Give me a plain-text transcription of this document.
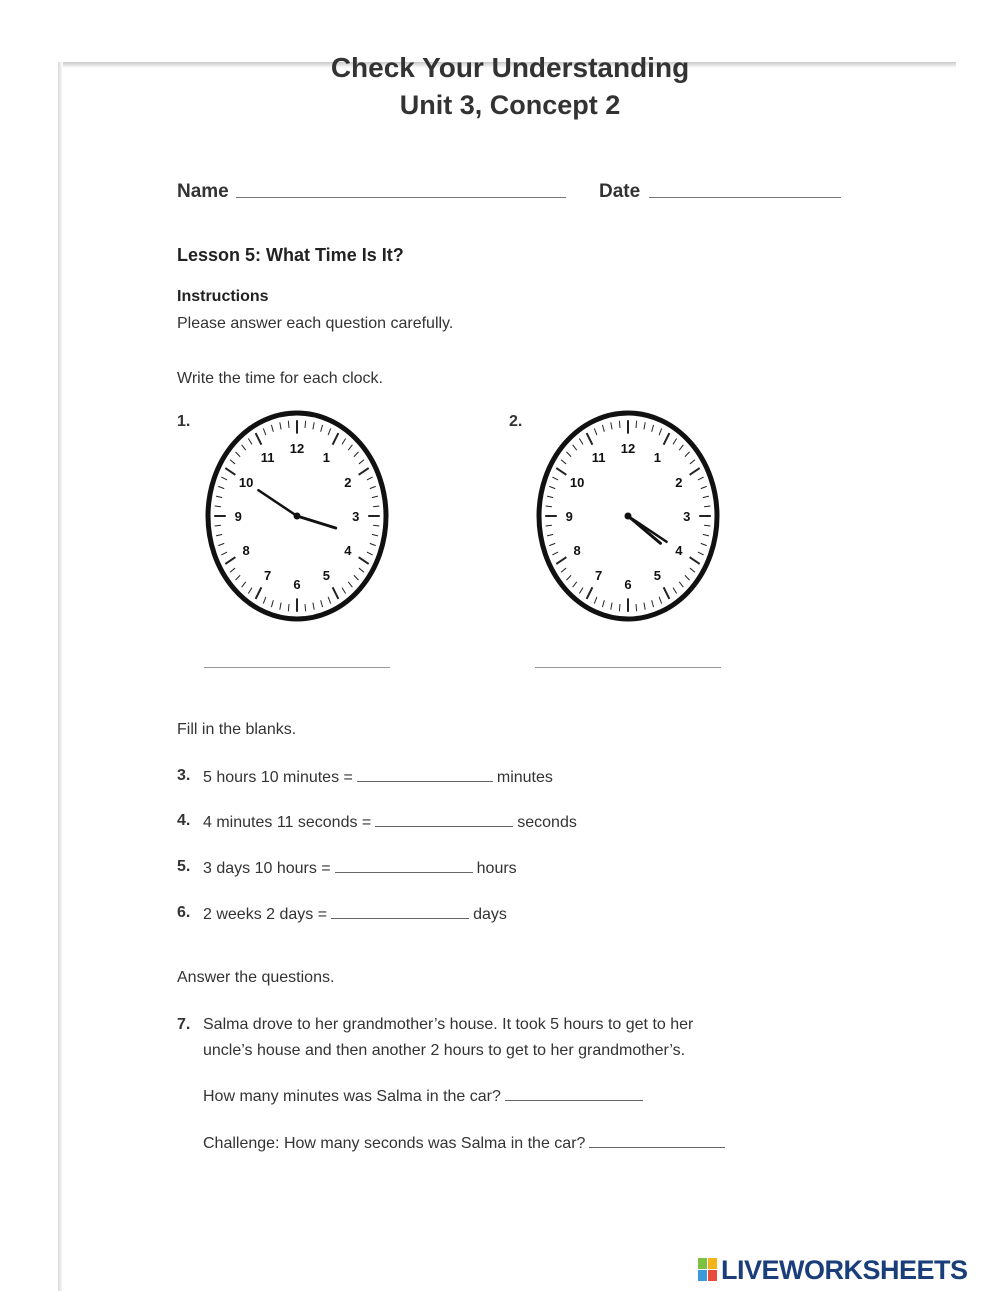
Check Your Understanding
Unit 3, Concept 2
Name	Date
Lesson 5: What Time Is It?
Instructions
Please answer each question carefully.
Write the time for each clock.
1.	2.
12
1
2
3
4
5
6
7
8
9
10
11
12
1
2
3
4
5
6
7
8
9
10
11
Fill in the blanks.
3. 5 hours 10 minutes =	minutes
4. 4 minutes 11 seconds =	seconds
5. 3 days 10 hours =	hours
6. 2 weeks 2 days =	days
Answer the questions.
7. Salma drove to her grandmother’s house. It took 5 hours to get to her
uncle’s house and then another 2 hours to get to her grandmother’s.
How many minutes was Salma in the car?
Challenge: How many seconds was Salma in the car?
LIVEWORKSHEETS
